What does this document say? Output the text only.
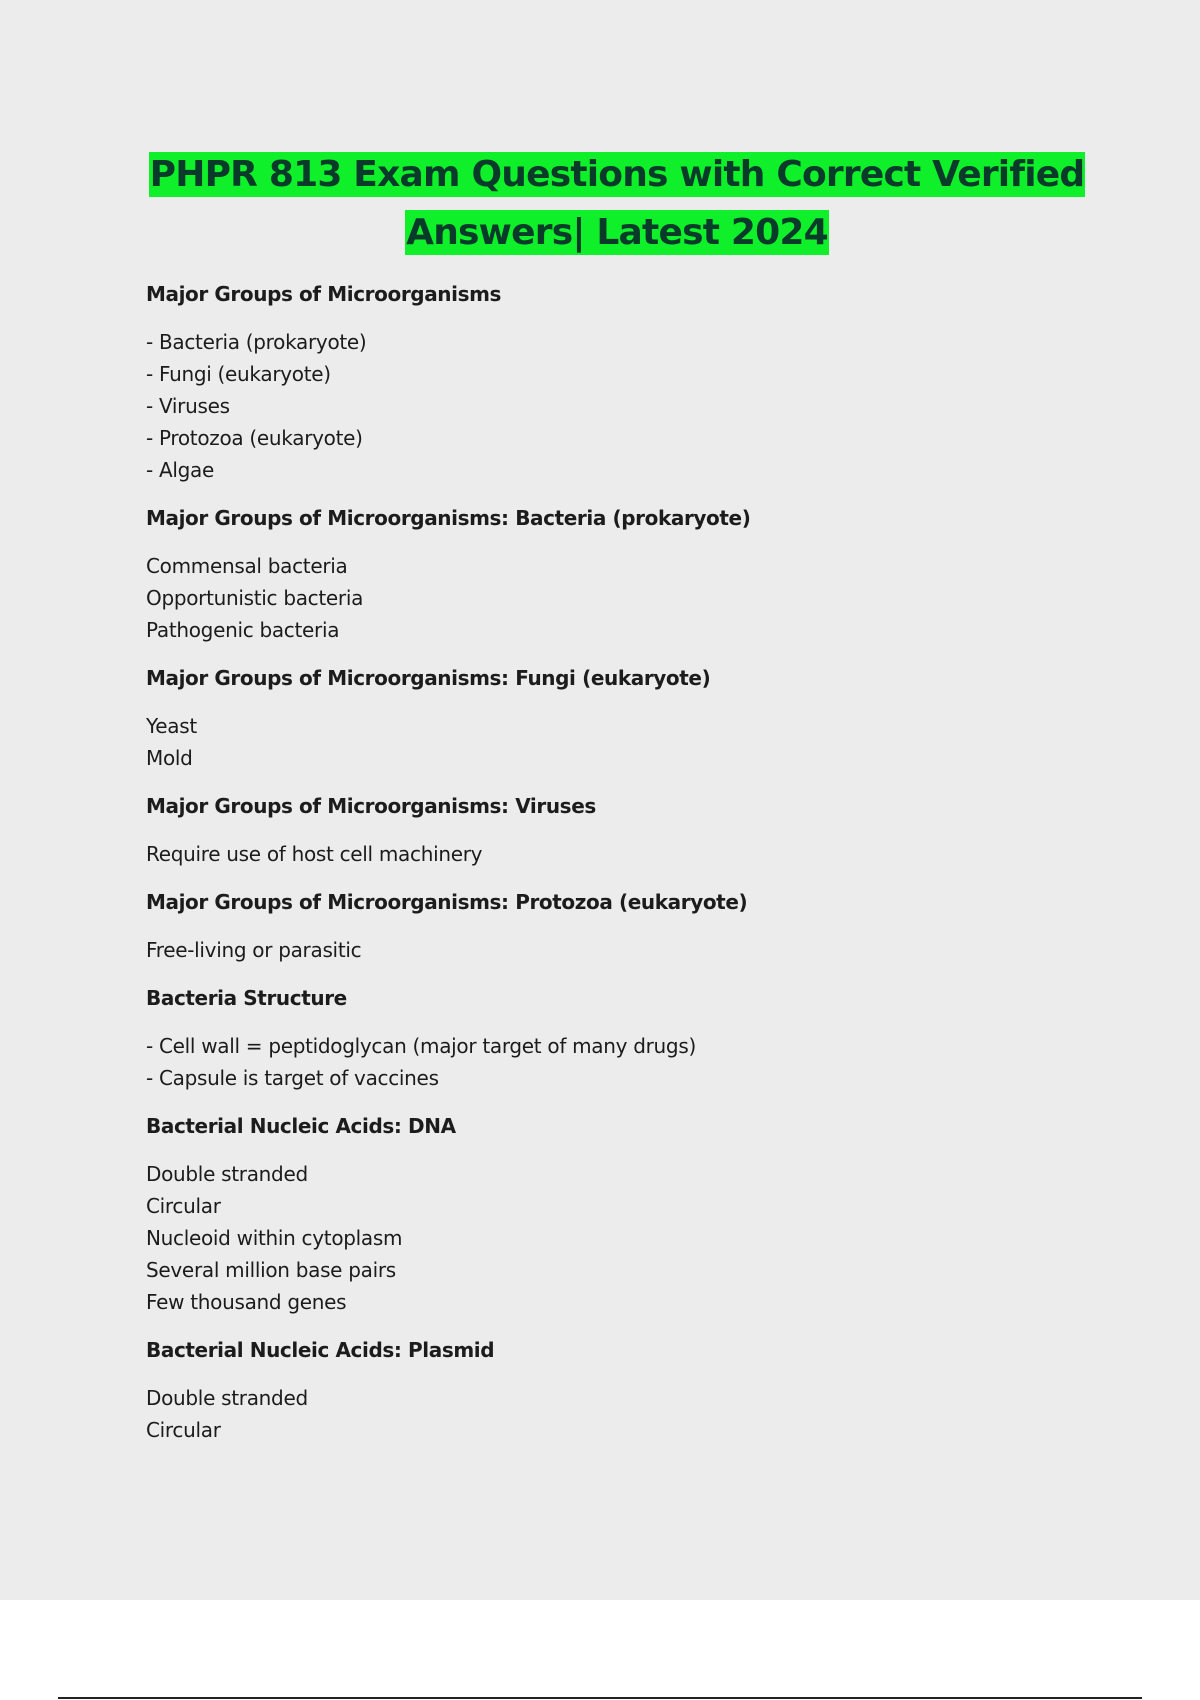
PHPR 813 Exam Questions with Correct Verified
Answers| Latest 2024
Major Groups of Microorganisms
- Bacteria (prokaryote)
- Fungi (eukaryote)
- Viruses
- Protozoa (eukaryote)
- Algae
Major Groups of Microorganisms: Bacteria (prokaryote)
Commensal bacteria
Opportunistic bacteria
Pathogenic bacteria
Major Groups of Microorganisms: Fungi (eukaryote)
Yeast
Mold
Major Groups of Microorganisms: Viruses
Require use of host cell machinery
Major Groups of Microorganisms: Protozoa (eukaryote)
Free-living or parasitic
Bacteria Structure
- Cell wall = peptidoglycan (major target of many drugs)
- Capsule is target of vaccines
Bacterial Nucleic Acids: DNA
Double stranded
Circular
Nucleoid within cytoplasm
Several million base pairs
Few thousand genes
Bacterial Nucleic Acids: Plasmid
Double stranded
Circular
